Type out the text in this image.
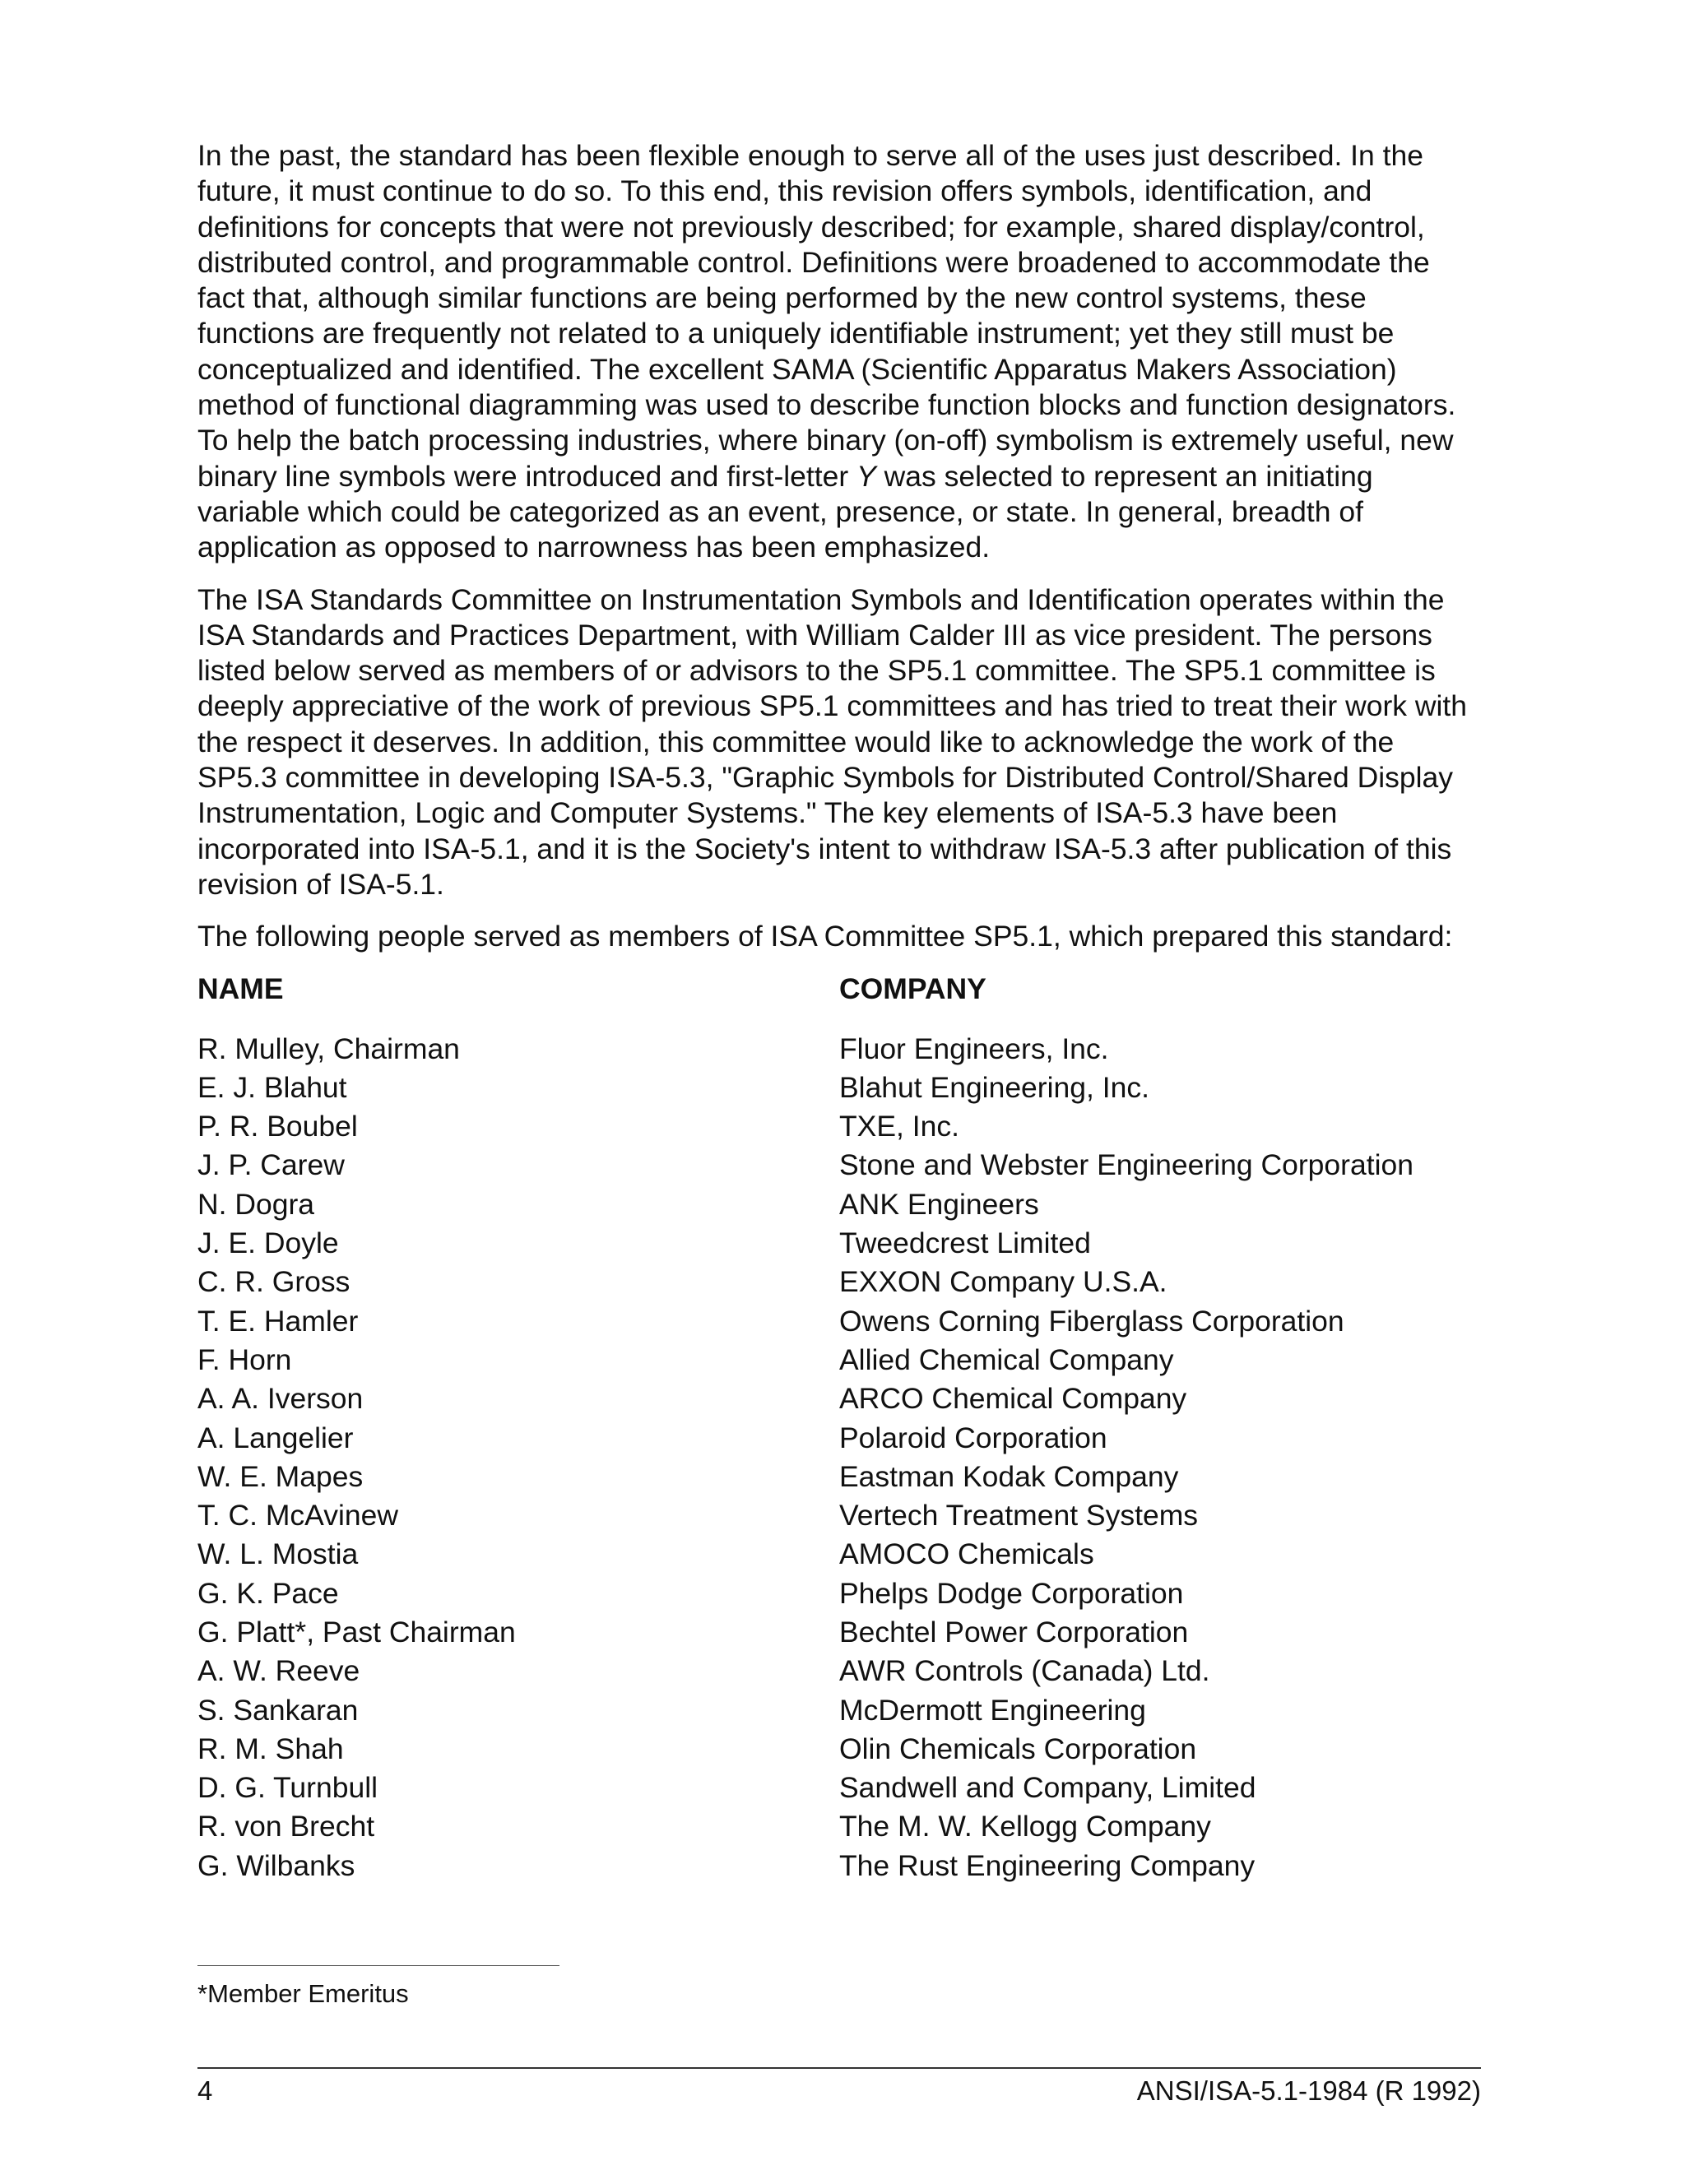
In the past, the standard has been flexible enough to serve all of the uses just described. In the future, it must continue to do so. To this end, this revision offers symbols, identification, and definitions for concepts that were not previously described; for example, shared display/control, distributed control, and programmable control. Definitions were broadened to accommodate the fact that, although similar functions are being performed by the new control systems, these functions are frequently not related to a uniquely identifiable instrument; yet they still must be conceptualized and identified. The excellent SAMA (Scientific Apparatus Makers Association) method of functional diagramming was used to describe function blocks and function designators. To help the batch processing industries, where binary (on-off) symbolism is extremely useful, new binary line symbols were introduced and first-letter Y was selected to represent an initiating variable which could be categorized as an event, presence, or state. In general, breadth of application as opposed to narrowness has been emphasized.

The ISA Standards Committee on Instrumentation Symbols and Identification operates within the ISA Standards and Practices Department, with William Calder III as vice president. The persons listed below served as members of or advisors to the SP5.1 committee. The SP5.1 committee is deeply appreciative of the work of previous SP5.1 committees and has tried to treat their work with the respect it deserves. In addition, this committee would like to acknowledge the work of the SP5.3 committee in developing ISA-5.3, "Graphic Symbols for Distributed Control/Shared Display Instrumentation, Logic and Computer Systems." The key elements of ISA-5.3 have been incorporated into ISA-5.1, and it is the Society's intent to withdraw ISA-5.3 after publication of this revision of ISA-5.1.

The following people served as members of ISA Committee SP5.1, which prepared this standard:

NAME	COMPANY
R. Mulley, Chairman	Fluor Engineers, Inc.
E. J. Blahut	Blahut Engineering, Inc.
P. R. Boubel	TXE, Inc.
J. P. Carew	Stone and Webster Engineering Corporation
N. Dogra	ANK Engineers
J. E. Doyle	Tweedcrest Limited
C. R. Gross	EXXON Company U.S.A.
T. E. Hamler	Owens Corning Fiberglass Corporation
F. Horn	Allied Chemical Company
A. A. Iverson	ARCO Chemical Company
A. Langelier	Polaroid Corporation
W. E. Mapes	Eastman Kodak Company
T. C. McAvinew	Vertech Treatment Systems
W. L. Mostia	AMOCO Chemicals
G. K. Pace	Phelps Dodge Corporation
G. Platt*, Past Chairman	Bechtel Power Corporation
A. W. Reeve	AWR Controls (Canada) Ltd.
S. Sankaran	McDermott Engineering
R. M. Shah	Olin Chemicals Corporation
D. G. Turnbull	Sandwell and Company, Limited
R. von Brecht	The M. W. Kellogg Company
G. Wilbanks	The Rust Engineering Company
*Member Emeritus
4	ANSI/ISA-5.1-1984 (R 1992)
